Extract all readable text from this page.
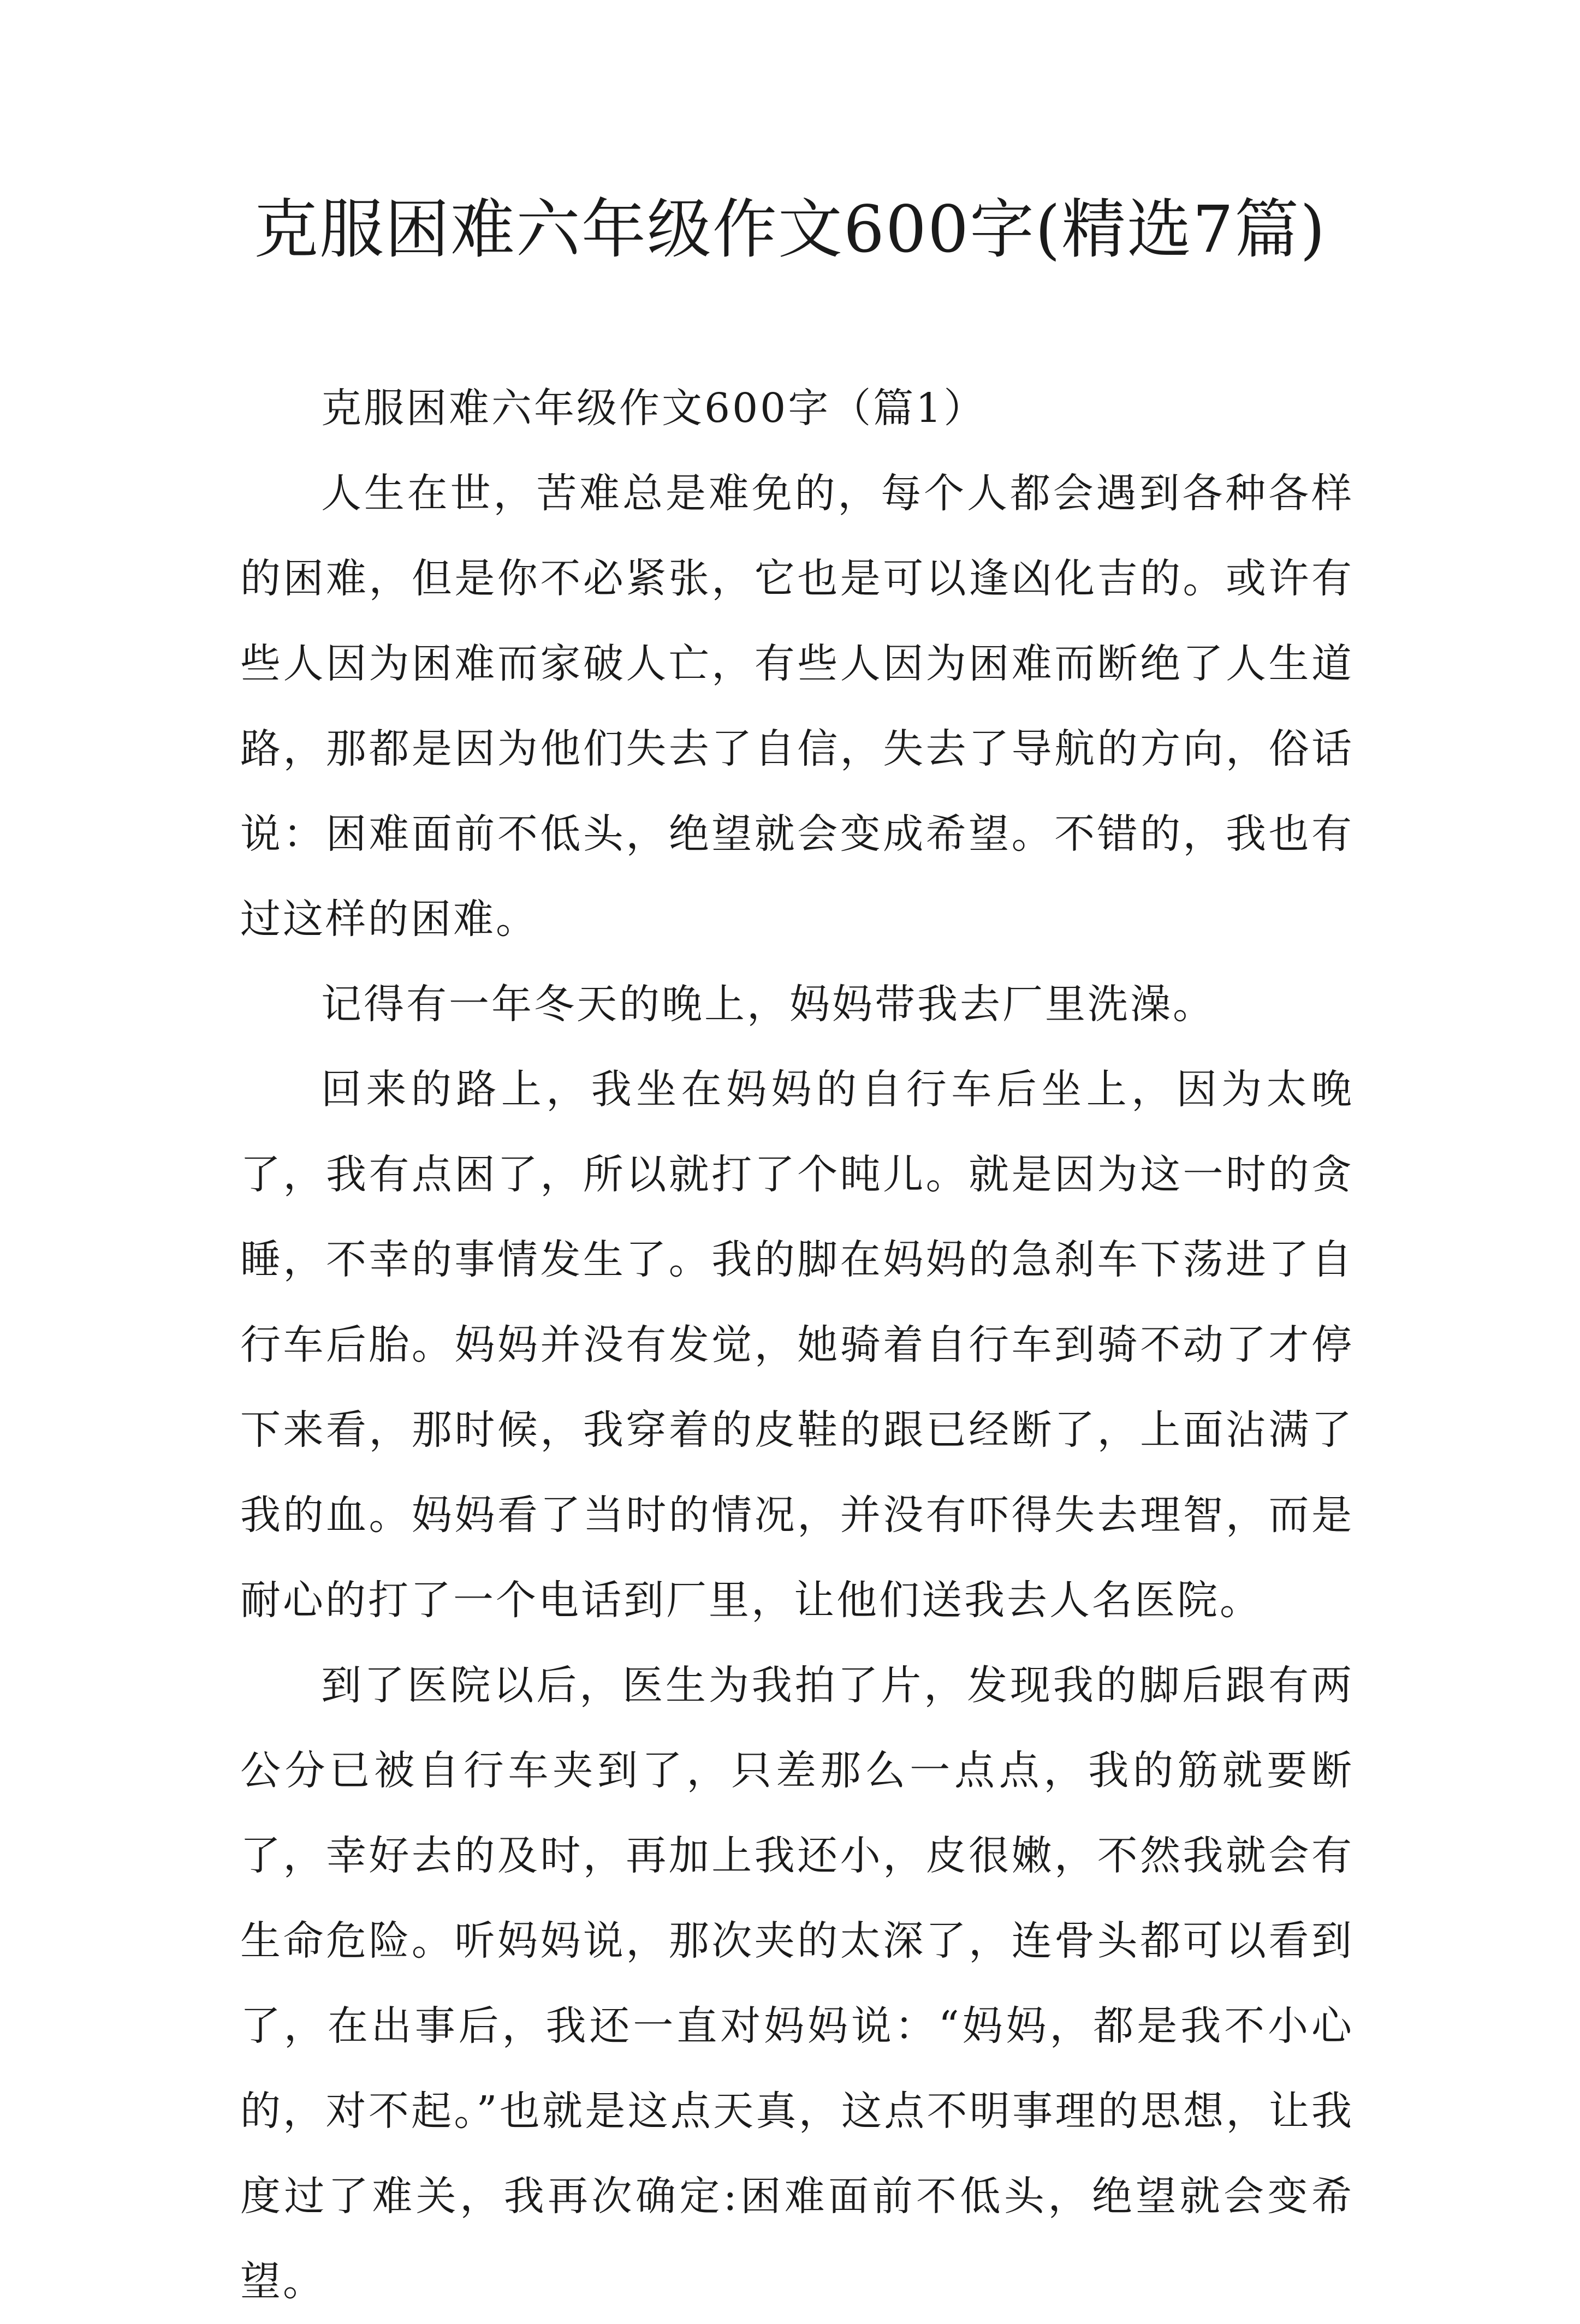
克服困难六年级作文600字(精选7篇)

克服困难六年级作文600字（篇1）

人生在世，苦难总是难免的，每个人都会遇到各种各样的困难，但是你不必紧张，它也是可以逢凶化吉的。或许有些人因为困难而家破人亡，有些人因为困难而断绝了人生道路，那都是因为他们失去了自信，失去了导航的方向，俗话说：困难面前不低头，绝望就会变成希望。不错的，我也有过这样的困难。

记得有一年冬天的晚上，妈妈带我去厂里洗澡。

回来的路上，我坐在妈妈的自行车后坐上，因为太晚了，我有点困了，所以就打了个盹儿。就是因为这一时的贪睡，不幸的事情发生了。我的脚在妈妈的急刹车下荡进了自行车后胎。妈妈并没有发觉，她骑着自行车到骑不动了才停下来看，那时候，我穿着的皮鞋的跟已经断了，上面沾满了我的血。妈妈看了当时的情况，并没有吓得失去理智，而是耐心的打了一个电话到厂里，让他们送我去人名医院。

到了医院以后，医生为我拍了片，发现我的脚后跟有两公分已被自行车夹到了，只差那么一点点，我的筋就要断了，幸好去的及时，再加上我还小，皮很嫩，不然我就会有生命危险。听妈妈说，那次夹的太深了，连骨头都可以看到了，在出事后，我还一直对妈妈说：“妈妈，都是我不小心的，对不起。”也就是这点天真，这点不明事理的思想，让我度过了难关，我再次确定:困难面前不低头，绝望就会变希望。
